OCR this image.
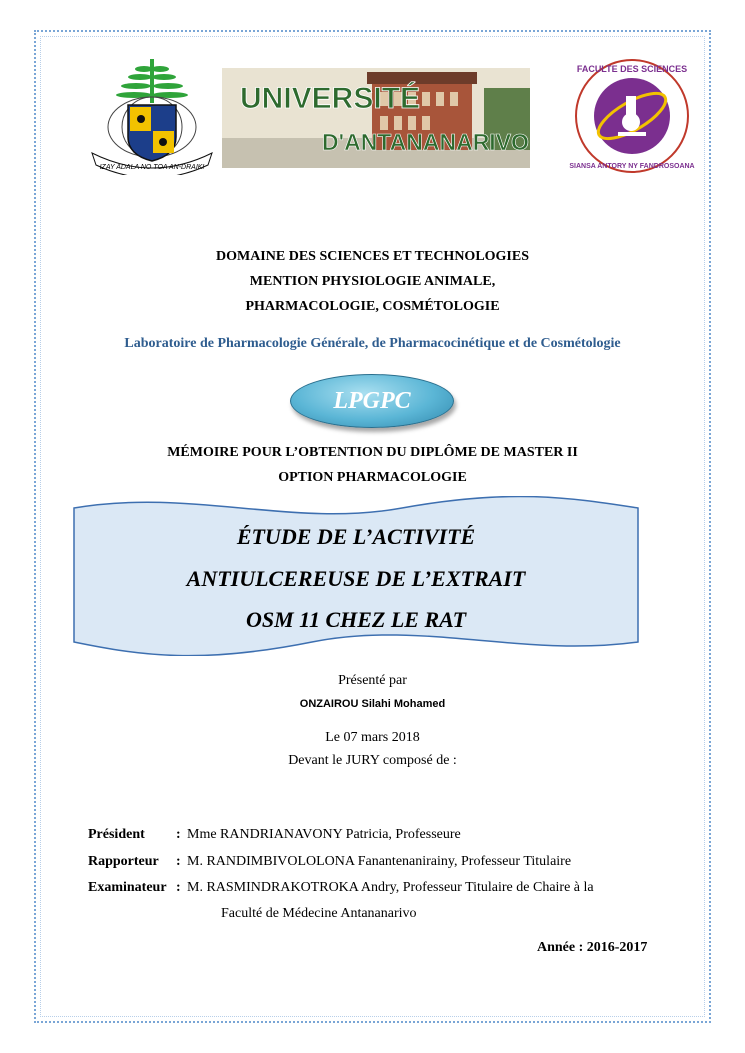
IZAY ADALA NO TOA AN-DRAIKI
UNIVERSITÉ
D'ANTANANARIVO
FACULTE DES SCIENCES
SIANSA ANTORY NY FANDROSOANA
DOMAINE DES SCIENCES ET TECHNOLOGIES
MENTION PHYSIOLOGIE ANIMALE,
PHARMACOLOGIE, COSMÉTOLOGIE
Laboratoire de Pharmacologie Générale, de Pharmacocinétique et de Cosmétologie
LPGPC
MÉMOIRE POUR L’OBTENTION DU DIPLÔME DE MASTER II
OPTION PHARMACOLOGIE
ÉTUDE DE L’ACTIVITÉ
ANTIULCEREUSE DE L’EXTRAIT
OSM 11 CHEZ LE RAT
Présenté par
ONZAIROU Silahi Mohamed
Le 07 mars 2018
Devant le JURY composé de :
Président : Mme RANDRIANAVONY Patricia, Professeure
Rapporteur : M. RANDIMBIVOLOLONA Fanantenanirainy, Professeur Titulaire
Examinateur : M. RASMINDRAKOTROKA Andry, Professeur Titulaire de Chaire à la
Faculté de Médecine Antananarivo
Année : 2016-2017
